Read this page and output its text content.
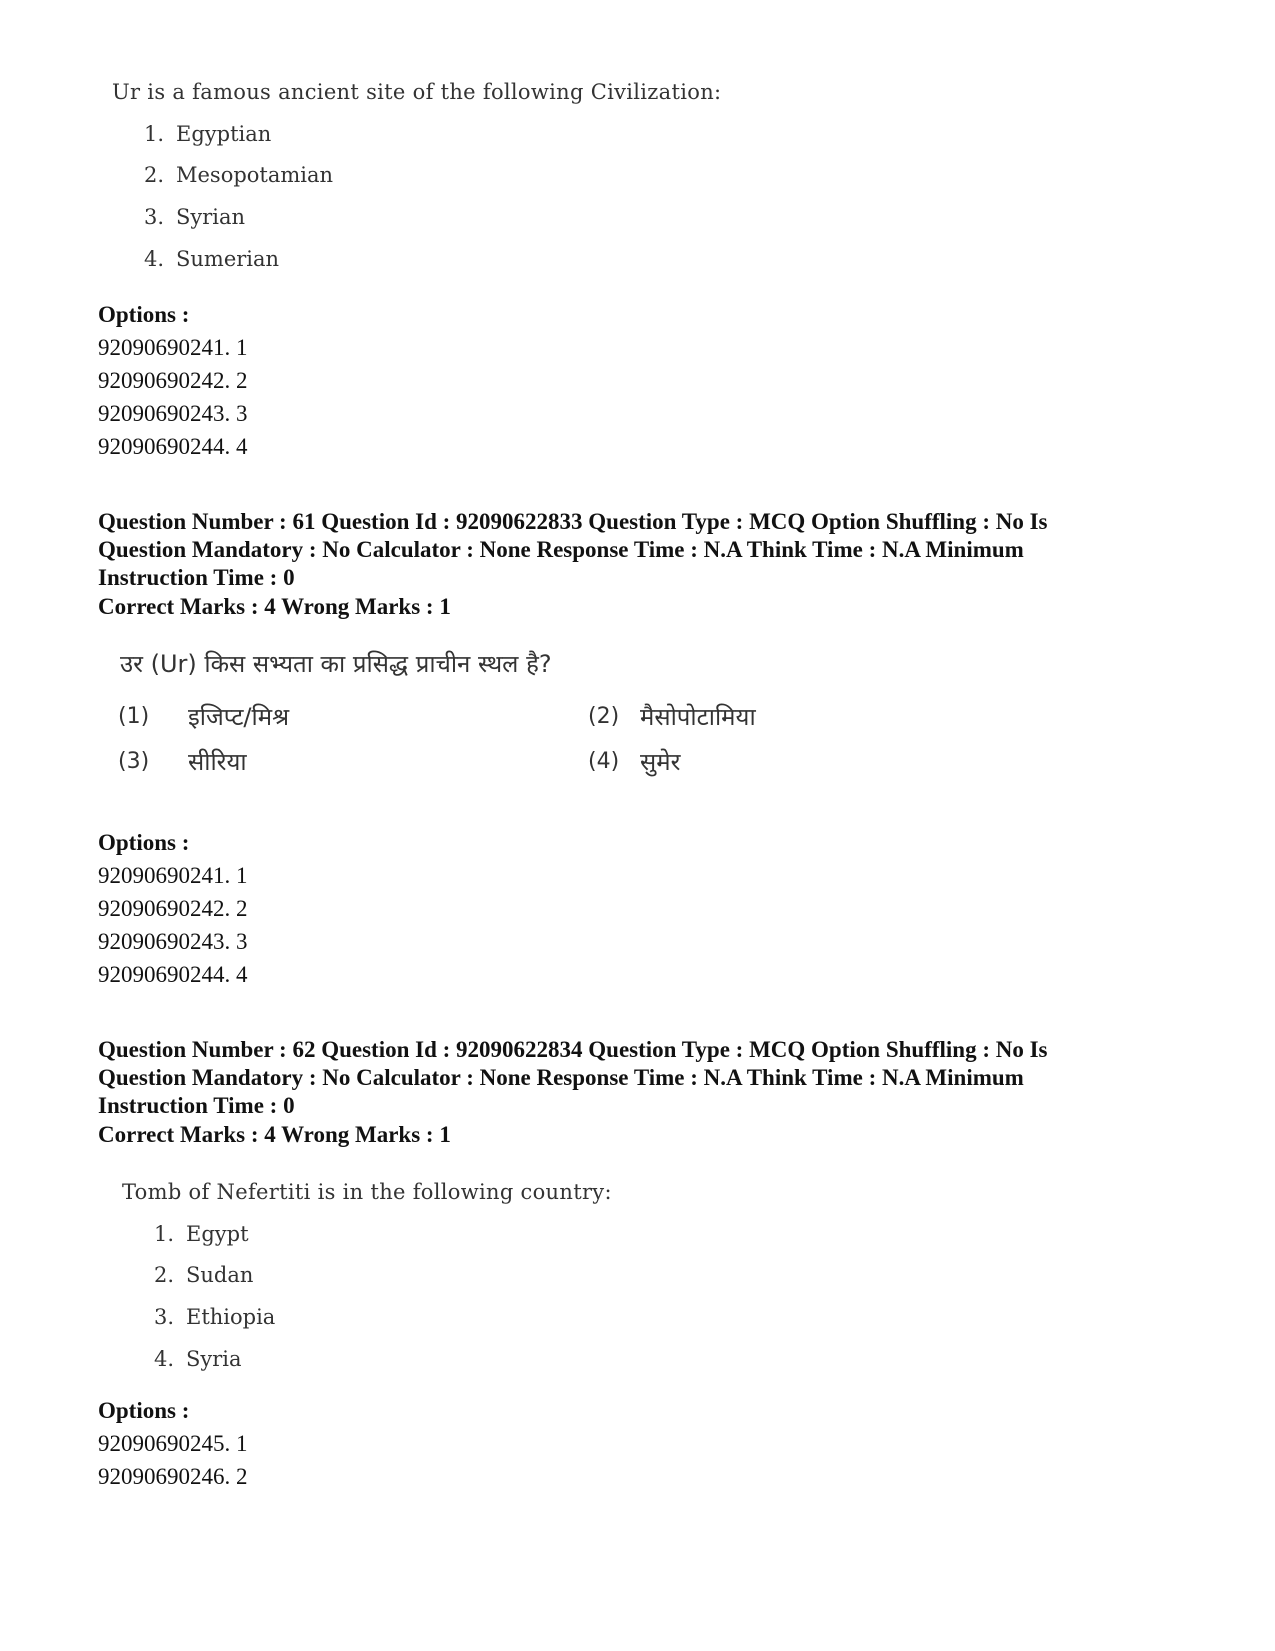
Ur is a famous ancient site of the following Civilization:
1. Egyptian
2. Mesopotamian
3. Syrian
4. Sumerian
Options :
92090690241. 1
92090690242. 2
92090690243. 3
92090690244. 4
Question Number : 61 Question Id : 92090622833 Question Type : MCQ Option Shuffling : No Is
Question Mandatory : No Calculator : None Response Time : N.A Think Time : N.A Minimum
Instruction Time : 0
Correct Marks : 4 Wrong Marks : 1
उर (Ur) किस सभ्यता का प्रसिद्ध प्राचीन स्थल है?
(1) इजिप्ट/मिश्र	(2) मैसोपोटामिया
(3) सीरिया	(4) सुमेर
Options :
92090690241. 1
92090690242. 2
92090690243. 3
92090690244. 4
Question Number : 62 Question Id : 92090622834 Question Type : MCQ Option Shuffling : No Is
Question Mandatory : No Calculator : None Response Time : N.A Think Time : N.A Minimum
Instruction Time : 0
Correct Marks : 4 Wrong Marks : 1
Tomb of Nefertiti is in the following country:
1. Egypt
2. Sudan
3. Ethiopia
4. Syria
Options :
92090690245. 1
92090690246. 2
